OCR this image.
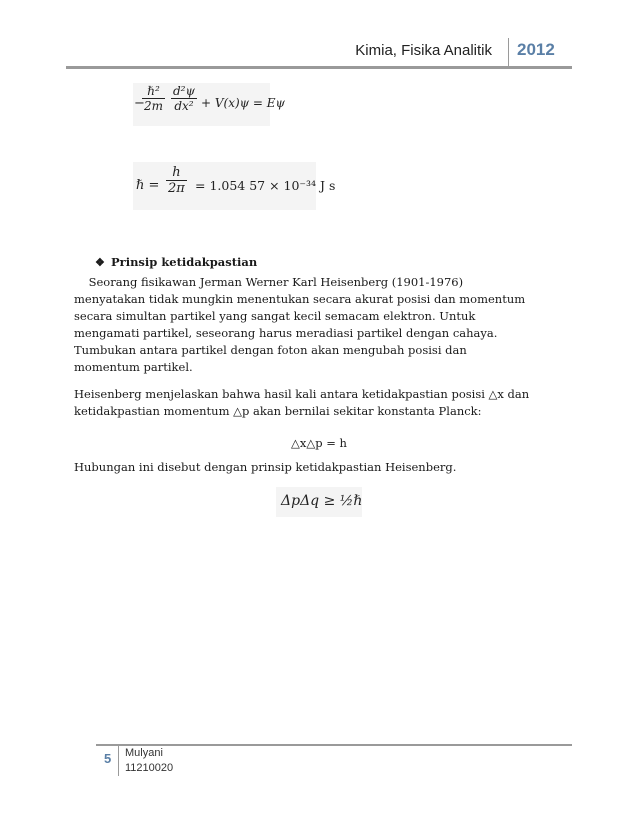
Kimia, Fisika Analitik 2012
−
ℏ²
$2m \frac{\text{d²ψ}}{\text{dx²}} + V(x)\psi = E\psi$
ℏ = $\frac{h}{2\pi} = 1.054$ 57 × 10⁻³⁴ J s
❖ Prinsip ketidakpastian

Seorang fisikawan Jerman Werner Karl Heisenberg (1901-1976)

menyatakan tidak mungkin menentukan secara akurat posisi dan momentum

secara simultan partikel yang sangat kecil semacam elektron. Untuk

mengamati partikel, seseorang harus meradiasi partikel dengan cahaya.

Tumbukan antara partikel dengan foton akan mengubah posisi dan

momentum partikel.

Heisenberg menjelaskan bahwa hasil kali antara ketidakpastian posisi △x dan

ketidakpastian momentum △p akan bernilai sekitar konstanta Planck:

△x△p = h

Hubungan ini disebut dengan prinsip ketidakpastian Heisenberg.

ΔpΔq ≥ ½ℏ
5 Mulyani
11210020
